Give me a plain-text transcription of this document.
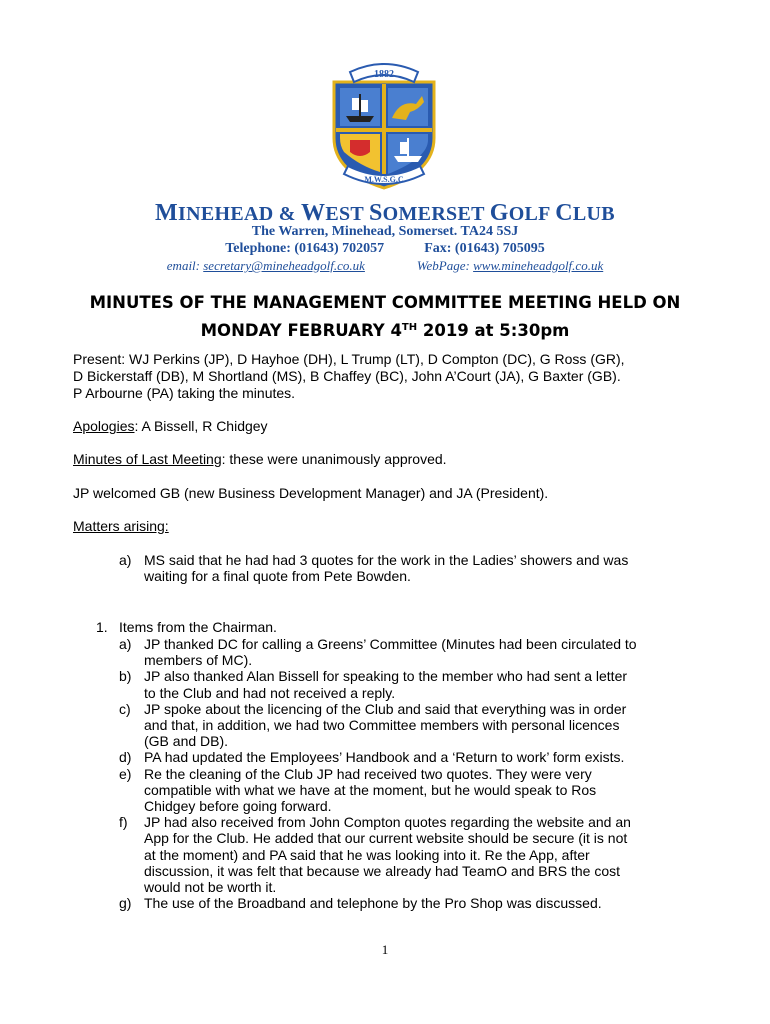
1882
M.W.S.G.C
MINEHEAD & WEST SOMERSET GOLF CLUB
The Warren, Minehead, Somerset. TA24 5SJ
Telephone: (01643) 702057	Fax: (01643) 705095
email: secretary@mineheadgolf.co.uk	WebPage: www.mineheadgolf.co.uk
MINUTES OF THE MANAGEMENT COMMITTEE MEETING HELD ON
MONDAY FEBRUARY 4TH 2019 at 5:30pm
Present: WJ Perkins (JP), D Hayhoe (DH), L Trump (LT), D Compton (DC), G Ross (GR),
D Bickerstaff (DB), M Shortland (MS), B Chaffey (BC), John A’Court (JA), G Baxter (GB).
P Arbourne (PA) taking the minutes.
Apologies: A Bissell, R Chidgey
Minutes of Last Meeting: these were unanimously approved.
JP welcomed GB (new Business Development Manager) and JA (President).
Matters arising:
a) MS said that he had had 3 quotes for the work in the Ladies’ showers and was
waiting for a final quote from Pete Bowden.
1. Items from the Chairman.
a) JP thanked DC for calling a Greens’ Committee (Minutes had been circulated to
members of MC).
b) JP also thanked Alan Bissell for speaking to the member who had sent a letter
to the Club and had not received a reply.
c) JP spoke about the licencing of the Club and said that everything was in order
and that, in addition, we had two Committee members with personal licences
(GB and DB).
d) PA had updated the Employees’ Handbook and a ‘Return to work’ form exists.
e) Re the cleaning of the Club JP had received two quotes. They were very
compatible with what we have at the moment, but he would speak to Ros
Chidgey before going forward.
f) JP had also received from John Compton quotes regarding the website and an
App for the Club. He added that our current website should be secure (it is not
at the moment) and PA said that he was looking into it. Re the App, after
discussion, it was felt that because we already had TeamO and BRS the cost
would not be worth it.
g) The use of the Broadband and telephone by the Pro Shop was discussed.
1
